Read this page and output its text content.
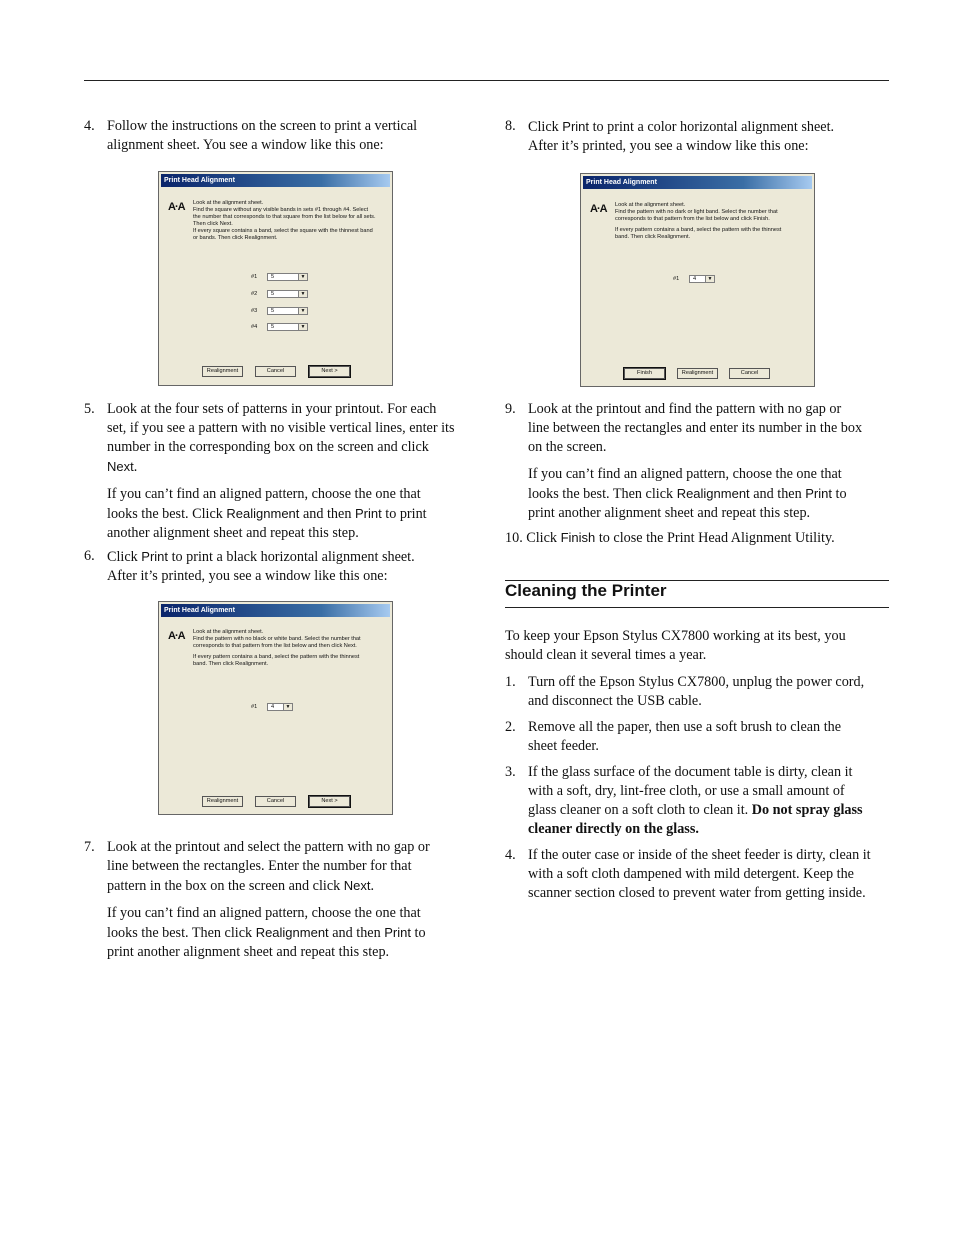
4. Follow the instructions on the screen to print a vertical
alignment sheet. You see a window like this one:
Print Head Alignment
A·A Look at the alignment sheet.
Find the square without any visible bands in sets #1 through #4. Select
the number that corresponds to that square from the list below for all sets.
Then click Next.
If every square contains a band, select the square with the thinnest band
or bands. Then click Realignment.
#1	5	▼
#2	5	▼
#3	5	▼
#4	5	▼
Realignment	Cancel	Next >
5. Look at the four sets of patterns in your printout. For each
set, if you see a pattern with no visible vertical lines, enter its
number in the corresponding box on the screen and click
Next.
If you can’t find an aligned pattern, choose the one that
looks the best. Click Realignment and then Print to print
another alignment sheet and repeat this step.
6. Click Print to print a black horizontal alignment sheet.
After it’s printed, you see a window like this one:
Print Head Alignment
A·A Look at the alignment sheet.
Find the pattern with no black or white band. Select the number that
corresponds to that pattern from the list below and then click Next.
If every pattern contains a band, select the pattern with the thinnest
band. Then click Realignment.
#1	4	▼
Realignment	Cancel	Next >
7. Look at the printout and select the pattern with no gap or
line between the rectangles. Enter the number for that
pattern in the box on the screen and click Next.
If you can’t find an aligned pattern, choose the one that
looks the best. Then click Realignment and then Print to
print another alignment sheet and repeat this step.
8. Click Print to print a color horizontal alignment sheet.
After it’s printed, you see a window like this one:
Print Head Alignment
A·A Look at the alignment sheet.
Find the pattern with no dark or light band. Select the number that
corresponds to that pattern from the list below and click Finish.
If every pattern contains a band, select the pattern with the thinnest
band. Then click Realignment.
#1	4	▼
Finish	Realignment	Cancel
9. Look at the printout and find the pattern with no gap or
line between the rectangles and enter its number in the box
on the screen.
If you can’t find an aligned pattern, choose the one that
looks the best. Then click Realignment and then Print to
print another alignment sheet and repeat this step.
10. Click Finish to close the Print Head Alignment Utility.
Cleaning the Printer
To keep your Epson Stylus CX7800 working at its best, you
should clean it several times a year.
1. Turn off the Epson Stylus CX7800, unplug the power cord,
and disconnect the USB cable.
2. Remove all the paper, then use a soft brush to clean the
sheet feeder.
3. If the glass surface of the document table is dirty, clean it
with a soft, dry, lint-free cloth, or use a small amount of
glass cleaner on a soft cloth to clean it. Do not spray glass
cleaner directly on the glass.
4. If the outer case or inside of the sheet feeder is dirty, clean it
with a soft cloth dampened with mild detergent. Keep the
scanner section closed to prevent water from getting inside.
